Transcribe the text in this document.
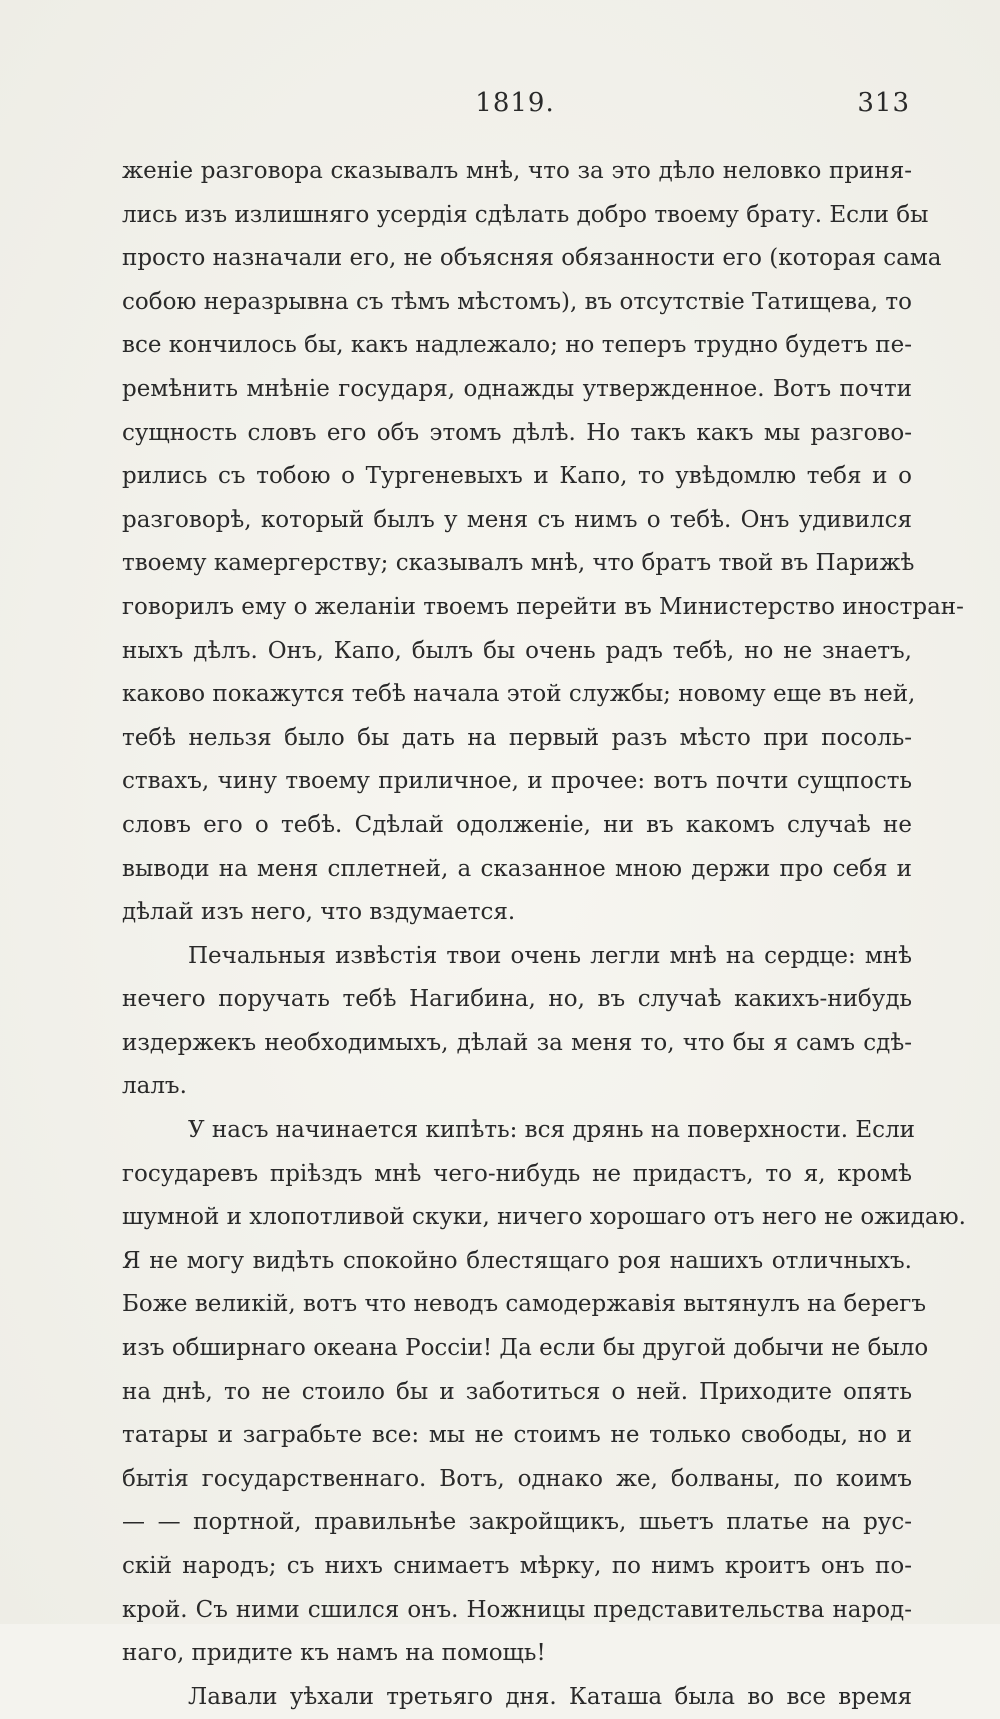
1819.	313
женіе разговора сказывалъ мнѣ, что за это дѣло неловко приня-
лись изъ излишняго усердія сдѣлать добро твоему брату. Если бы
просто назначали его, не объясняя обязанности его (которая сама
собою неразрывна съ тѣмъ мѣстомъ), въ отсутствіе Татищева, то
все кончилось бы, какъ надлежало; но теперъ трудно будетъ пе-
ремѣнить мнѣніе государя, однажды утвержденное. Вотъ почти
сущность словъ его объ этомъ дѣлѣ. Но такъ какъ мы разгово-
рились съ тобою о Тургеневыхъ и Капо, то увѣдомлю тебя и о
разговорѣ, который былъ у меня съ нимъ о тебѣ. Онъ удивился
твоему камергерству; сказывалъ мнѣ, что братъ твой въ Парижѣ
говорилъ ему о желаніи твоемъ перейти въ Министерство иностран-
ныхъ дѣлъ. Онъ, Капо, былъ бы очень радъ тебѣ, но не знаетъ,
каково покажутся тебѣ начала этой службы; новому еще въ ней,
тебѣ нельзя было бы дать на первый разъ мѣсто при посоль-
ствахъ, чину твоему приличное, и прочее: вотъ почти сущпость
словъ его о тебѣ. Сдѣлай одолженіе, ни въ какомъ случаѣ не
выводи на меня сплетней, а сказанное мною держи про себя и
дѣлай изъ него, что вздумается.
Печальныя извѣстія твои очень легли мнѣ на сердце: мнѣ
нечего поручать тебѣ Нагибина, но, въ случаѣ какихъ-нибудь
издержекъ необходимыхъ, дѣлай за меня то, что бы я самъ сдѣ-
лалъ.
У насъ начинается кипѣть: вся дрянь на поверхности. Если
государевъ пріѣздъ мнѣ чего-нибудь не придастъ, то я, кромѣ
шумной и хлопотливой скуки, ничего хорошаго отъ него не ожидаю.
Я не могу видѣть спокойно блестящаго роя нашихъ отличныхъ.
Боже великій, вотъ что неводъ самодержавія вытянулъ на берегъ
изъ обширнаго океана Россіи! Да если бы другой добычи не было
на днѣ, то не стоило бы и заботиться о ней. Приходите опять
татары и заграбьте все: мы не стоимъ не только свободы, но и
бытія государственнаго. Вотъ, однако же, болваны, по коимъ
— — портной, правильнѣе закройщикъ, шьетъ платье на рус-
скій народъ; съ нихъ снимаетъ мѣрку, по нимъ кроитъ онъ по-
крой. Съ ними сшился онъ. Ножницы представительства народ-
наго, придите къ намъ на помощь!
Лавали уѣхали третьяго дня. Каташа была во все время
